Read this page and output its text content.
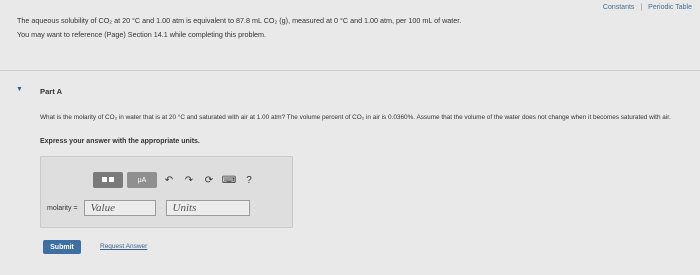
Constants | Periodic Table

The aqueous solubility of CO₂ at 20 °C and 1.00 atm is equivalent to 87.8 mL CO₂ (g), measured at 0 °C and 1.00 atm, per 100 mL of water.

You may want to reference (Page) Section 14.1 while completing this problem.

▼ Part A
What is the molarity of CO₂ in water that is at 20 °C and saturated with air at 1.00 atm? The volume percent of CO₂ in air is 0.0360%. Assume that the volume of the water does not change when it becomes saturated with air.
Express your answer with the appropriate units.
μA	↶	↷	⟳ ⌨	?
molarity =	Value	Units
Submit	Request Answer
